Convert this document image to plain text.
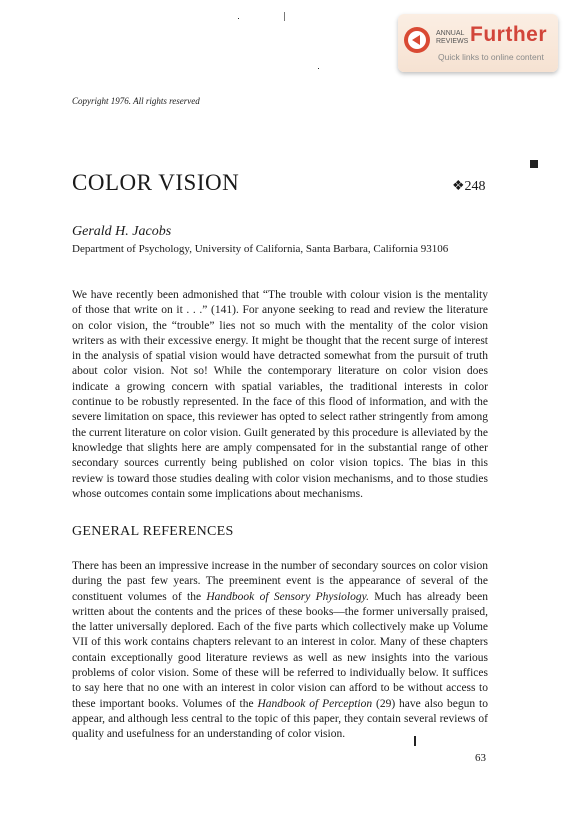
ANNUAL
REVIEWS Further
Quick links to online content
Copyright 1976. All rights reserved
COLOR VISION	❖248
Gerald H. Jacobs
Department of Psychology, University of California, Santa Barbara, California 93106

We have recently been admonished that “The trouble with colour vision is the mentality of those that write on it . . .” (141). For anyone seeking to read and review the literature on color vision, the “trouble” lies not so much with the mentality of the color vision writers as with their excessive energy. It might be thought that the recent surge of interest in the analysis of spatial vision would have detracted somewhat from the pursuit of truth about color vision. Not so! While the contemporary literature on color vision does indicate a growing concern with spatial variables, the traditional interests in color continue to be robustly represented. In the face of this flood of information, and with the severe limitation on space, this reviewer has opted to select rather stringently from among the current literature on color vision. Guilt generated by this procedure is alleviated by the knowledge that slights here are amply compensated for in the substantial range of other secondary sources currently being published on color vision topics. The bias in this review is toward those studies dealing with color vision mechanisms, and to those studies whose outcomes contain some implications about mechanisms.

GENERAL REFERENCES

There has been an impressive increase in the number of secondary sources on color vision during the past few years. The preeminent event is the appearance of several of the constituent volumes of the Handbook of Sensory Physiology. Much has already been written about the contents and the prices of these books—the former universally praised, the latter universally deplored. Each of the five parts which collectively make up Volume VII of this work contains chapters relevant to an interest in color. Many of these chapters contain exceptionally good literature reviews as well as new insights into the various problems of color vision. Some of these will be referred to individually below. It suffices to say here that no one with an interest in color vision can afford to be without access to these important books. Volumes of the Handbook of Perception (29) have also begun to appear, and although less central to the topic of this paper, they contain several reviews of quality and usefulness for an understanding of color vision.

63
